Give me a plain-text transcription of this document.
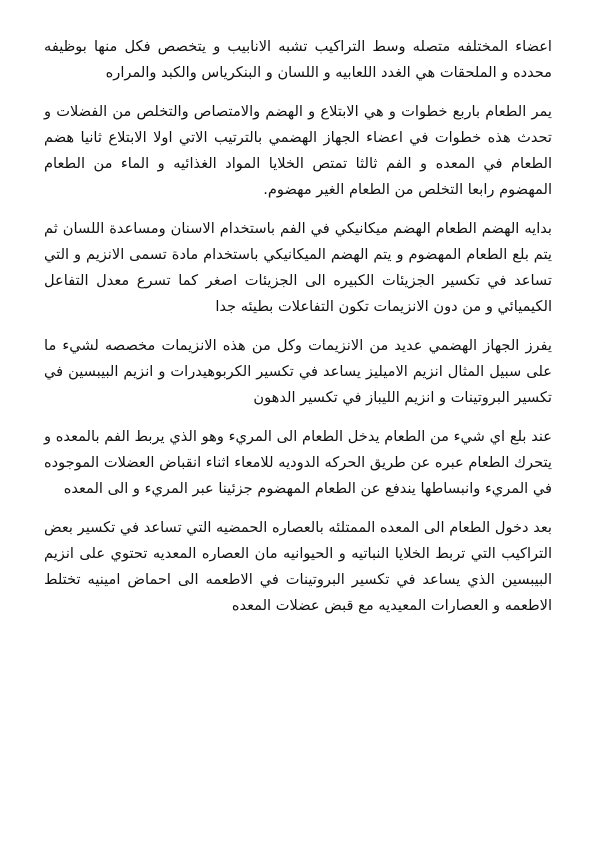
اعضاء المختلفه متصله وسط التراكيب تشبه الانابيب و يتخصص فكل منها بوظيفه محدده و الملحقات هي الغدد اللعابيه و اللسان و البنكرياس والكبد والمراره

يمر الطعام باربع خطوات و هي الابتلاع و الهضم والامتصاص والتخلص من الفضلات و تحدث هذه خطوات في اعضاء الجهاز الهضمي بالترتيب الاتي اولا الابتلاع ثانيا هضم الطعام في المعده و الفم ثالثا تمتص الخلايا المواد الغذائيه و الماء من الطعام المهضوم رابعا التخلص من الطعام الغير مهضوم.

بدايه الهضم الطعام الهضم ميكانيكي في الفم باستخدام الاسنان ومساعدة اللسان ثم يتم بلع الطعام المهضوم و يتم الهضم الميكانيكي باستخدام مادة تسمى الانزيم و التي تساعد في تكسير الجزيئات الكبيره الى الجزيئات اصغر كما تسرع معدل التفاعل الكيميائي و من دون الانزيمات تكون التفاعلات بطيئه جدا

يفرز الجهاز الهضمي عديد من الانزيمات وكل من هذه الانزيمات مخصصه لشيء ما على سبيل المثال انزيم الاميليز يساعد في تكسير الكربوهيدرات و انزيم البيبسين في تكسير البروتينات و انزيم الليباز في تكسير الدهون

عند بلع اي شيء من الطعام يدخل الطعام الى المريء وهو الذي يربط الفم بالمعده و يتحرك الطعام عبره عن طريق الحركه الدوديه للامعاء اثناء انقباض العضلات الموجوده في المريء وانبساطها يندفع عن الطعام المهضوم جزئينا عبر المريء و الى المعده

بعد دخول الطعام الى المعده الممتلئه بالعصاره الحمضيه التي تساعد في تكسير بعض التراكيب التي تربط الخلايا النباتيه و الحيوانيه مان العصاره المعديه تحتوي على انزيم البيبسين الذي يساعد في تكسير البروتينات في الاطعمه الى احماض امينيه تختلط الاطعمه و العصارات المعيديه مع قبض عضلات المعده
